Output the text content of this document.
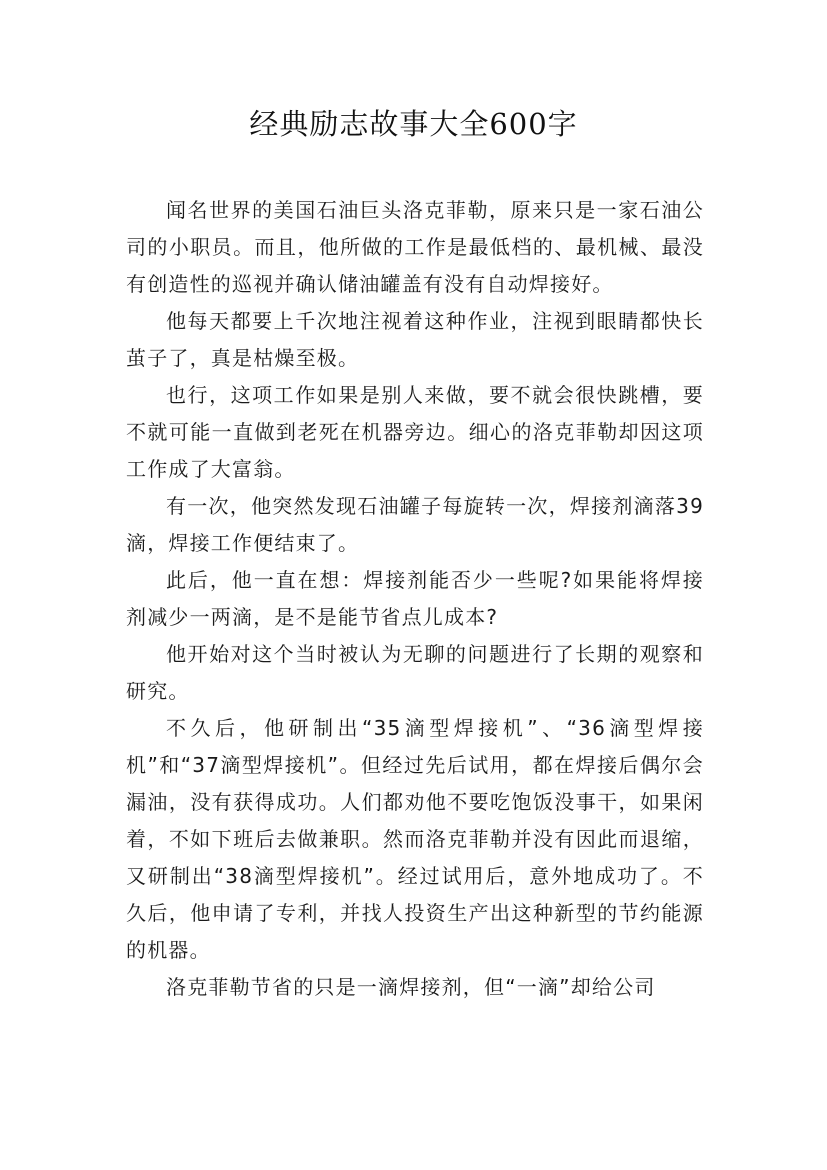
经典励志故事大全600字

闻名世界的美国石油巨头洛克菲勒，原来只是一家石油公司的小职员。而且，他所做的工作是最低档的、最机械、最没有创造性的巡视并确认储油罐盖有没有自动焊接好。

他每天都要上千次地注视着这种作业，注视到眼睛都快长茧子了，真是枯燥至极。

也行，这项工作如果是别人来做，要不就会很快跳槽，要不就可能一直做到老死在机器旁边。细心的洛克菲勒却因这项工作成了大富翁。

有一次，他突然发现石油罐子每旋转一次，焊接剂滴落39滴，焊接工作便结束了。

此后，他一直在想：焊接剂能否少一些呢?如果能将焊接剂减少一两滴，是不是能节省点儿成本?

他开始对这个当时被认为无聊的问题进行了长期的观察和研究。

不久后，他研制出“35滴型焊接机”、“36滴型焊接机”和“37滴型焊接机”。但经过先后试用，都在焊接后偶尔会漏油，没有获得成功。人们都劝他不要吃饱饭没事干，如果闲着，不如下班后去做兼职。然而洛克菲勒并没有因此而退缩，又研制出“38滴型焊接机”。经过试用后，意外地成功了。不久后，他申请了专利，并找人投资生产出这种新型的节约能源的机器。

洛克菲勒节省的只是一滴焊接剂，但“一滴”却给公司
